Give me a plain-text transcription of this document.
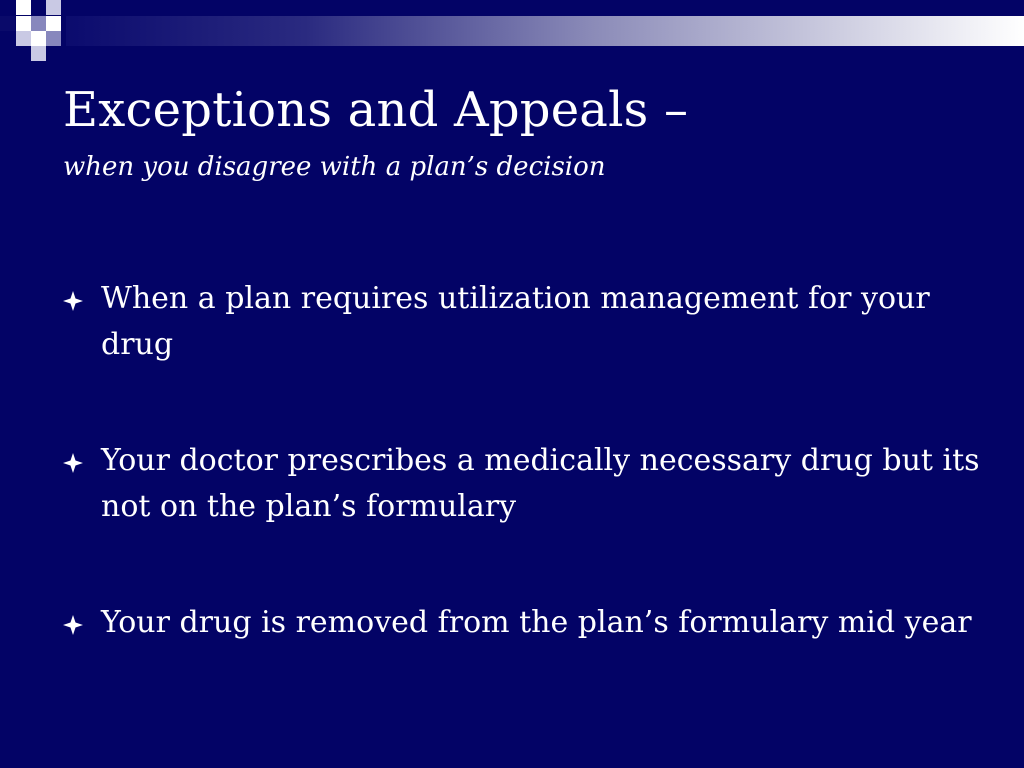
Exceptions and Appeals –
when you disagree with a plan’s decision
When a plan requires utilization management for your drug
Your doctor prescribes a medically necessary drug but its not on the plan’s formulary
Your drug is removed from the plan’s formulary mid year
